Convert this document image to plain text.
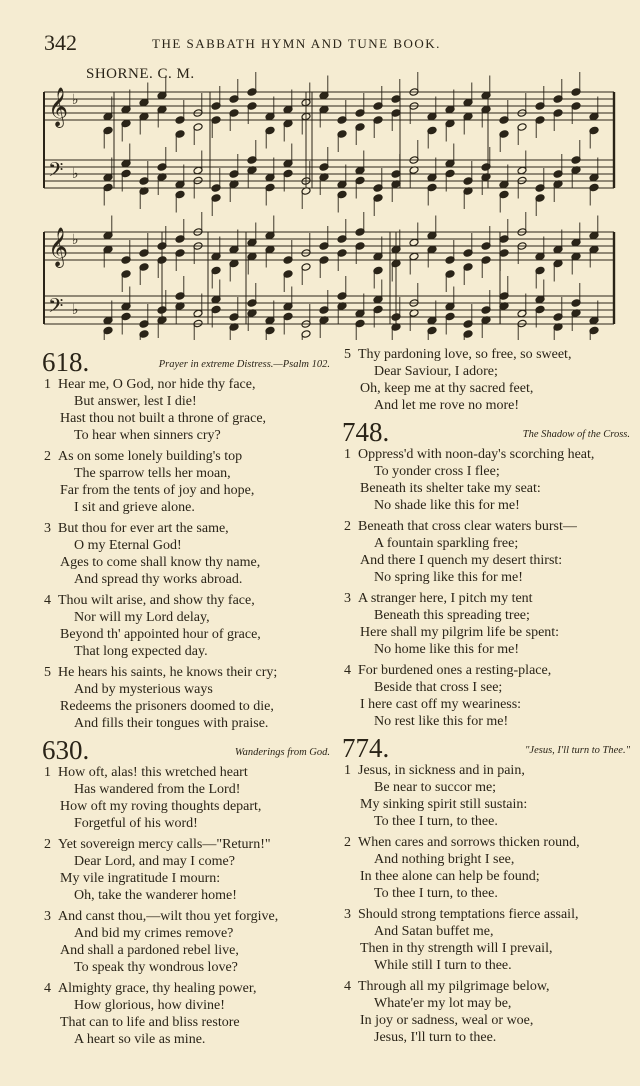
342	THE SABBATH HYMN AND TUNE BOOK.
SHORNE. C. M.
𝄞 ♭
𝄢 ♭
𝄞 ♭
𝄢 ♭
618.	Prayer in extreme Distress.—Psalm 102.
1 Hear me, O God, nor hide thy face,
But answer, lest I die!
Hast thou not built a throne of grace,
To hear when sinners cry?
2 As on some lonely building's top
The sparrow tells her moan,
Far from the tents of joy and hope,
I sit and grieve alone.
3 But thou for ever art the same,
O my Eternal God!
Ages to come shall know thy name,
And spread thy works abroad.
4 Thou wilt arise, and show thy face,
Nor will my Lord delay,
Beyond th' appointed hour of grace,
That long expected day.
5 He hears his saints, he knows their cry;
And by mysterious ways
Redeems the prisoners doomed to die,
And fills their tongues with praise.
630.	Wanderings from God.
1 How oft, alas! this wretched heart
Has wandered from the Lord!
How oft my roving thoughts depart,
Forgetful of his word!
2 Yet sovereign mercy calls—"Return!"
Dear Lord, and may I come?
My vile ingratitude I mourn:
Oh, take the wanderer home!
3 And canst thou,—wilt thou yet forgive,
And bid my crimes remove?
And shall a pardoned rebel live,
To speak thy wondrous love?
4 Almighty grace, thy healing power,
How glorious, how divine!
That can to life and bliss restore
A heart so vile as mine.
5 Thy pardoning love, so free, so sweet,
Dear Saviour, I adore;
Oh, keep me at thy sacred feet,
And let me rove no more!
748.	The Shadow of the Cross.
1 Oppress'd with noon-day's scorching heat,
To yonder cross I flee;
Beneath its shelter take my seat:
No shade like this for me!
2 Beneath that cross clear waters burst—
A fountain sparkling free;
And there I quench my desert thirst:
No spring like this for me!
3 A stranger here, I pitch my tent
Beneath this spreading tree;
Here shall my pilgrim life be spent:
No home like this for me!
4 For burdened ones a resting-place,
Beside that cross I see;
I here cast off my weariness:
No rest like this for me!
774.	"Jesus, I'll turn to Thee."
1 Jesus, in sickness and in pain,
Be near to succor me;
My sinking spirit still sustain:
To thee I turn, to thee.
2 When cares and sorrows thicken round,
And nothing bright I see,
In thee alone can help be found;
To thee I turn, to thee.
3 Should strong temptations fierce assail,
And Satan buffet me,
Then in thy strength will I prevail,
While still I turn to thee.
4 Through all my pilgrimage below,
Whate'er my lot may be,
In joy or sadness, weal or woe,
Jesus, I'll turn to thee.
